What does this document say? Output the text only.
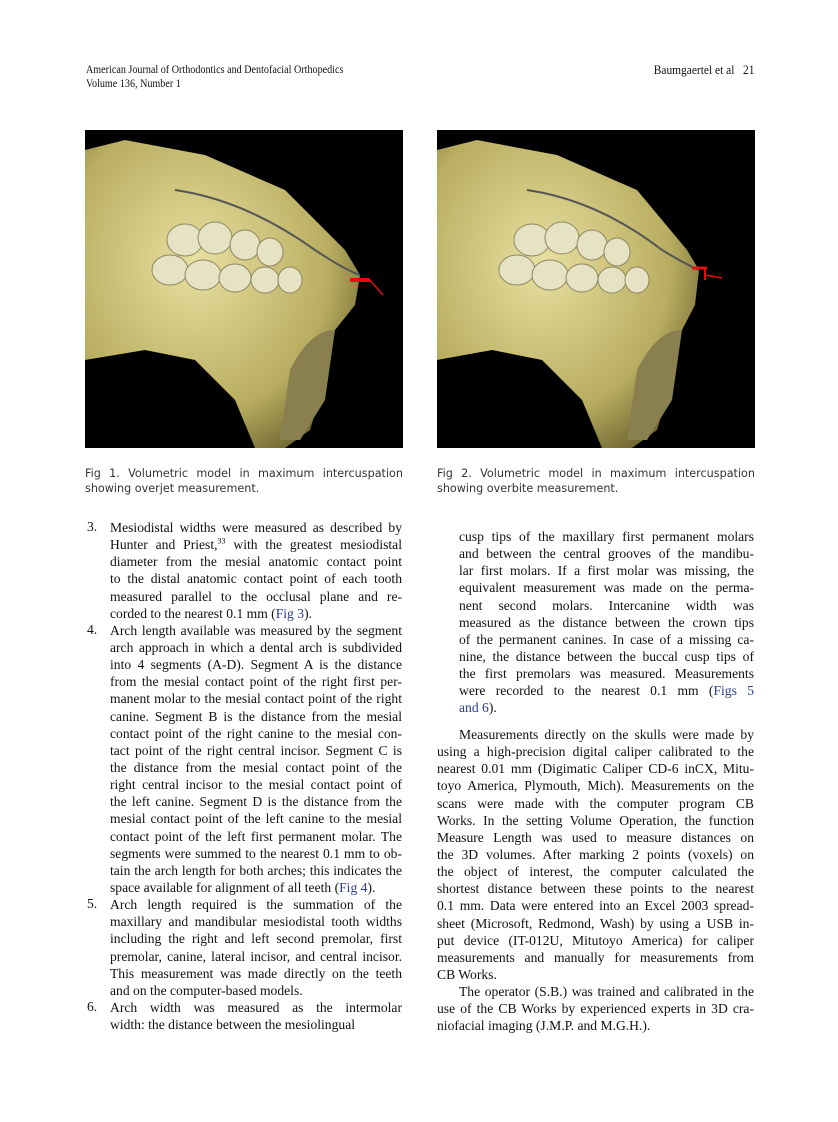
American Journal of Orthodontics and Dentofacial Orthopedics
Volume 136, Number 1
Baumgaertel et al 21
Fig 1. Volumetric model in maximum intercuspation showing overjet measurement.
Fig 2. Volumetric model in maximum intercuspation showing overbite measurement.
3. Mesiodistal widths were measured as described by
Hunter and Priest,$^{33}$ with the greatest mesiodistal
diameter from the mesial anatomic contact point
to the distal anatomic contact point of each tooth
measured parallel to the occlusal plane and re-
corded to the nearest 0.1 mm (Fig 3).
4. Arch length available was measured by the segment
arch approach in which a dental arch is subdivided
into 4 segments (A-D). Segment A is the distance
from the mesial contact point of the right first per-
manent molar to the mesial contact point of the right
canine. Segment B is the distance from the mesial
contact point of the right canine to the mesial con-
tact point of the right central incisor. Segment C is
the distance from the mesial contact point of the
right central incisor to the mesial contact point of
the left canine. Segment D is the distance from the
mesial contact point of the left canine to the mesial
contact point of the left first permanent molar. The
segments were summed to the nearest 0.1 mm to ob-
tain the arch length for both arches; this indicates the
space available for alignment of all teeth (Fig 4).
5. Arch length required is the summation of the
maxillary and mandibular mesiodistal tooth widths
including the right and left second premolar, first
premolar, canine, lateral incisor, and central incisor.
This measurement was made directly on the teeth
and on the computer-based models.
6. Arch width was measured as the intermolar
width: the distance between the mesiolingual
cusp tips of the maxillary first permanent molars
and between the central grooves of the mandibu-
lar first molars. If a first molar was missing, the
equivalent measurement was made on the perma-
nent second molars. Intercanine width was
measured as the distance between the crown tips
of the permanent canines. In case of a missing ca-
nine, the distance between the buccal cusp tips of
the first premolars was measured. Measurements
were recorded to the nearest 0.1 mm (Figs 5
and 6).
Measurements directly on the skulls were made by
using a high-precision digital caliper calibrated to the
nearest 0.01 mm (Digimatic Caliper CD-6 inCX, Mitu-
toyo America, Plymouth, Mich). Measurements on the
scans were made with the computer program CB
Works. In the setting Volume Operation, the function
Measure Length was used to measure distances on
the 3D volumes. After marking 2 points (voxels) on
the object of interest, the computer calculated the
shortest distance between these points to the nearest
0.1 mm. Data were entered into an Excel 2003 spread-
sheet (Microsoft, Redmond, Wash) by using a USB in-
put device (IT-012U, Mitutoyo America) for caliper
measurements and manually for measurements from
CB Works.
The operator (S.B.) was trained and calibrated in the
use of the CB Works by experienced experts in 3D cra-
niofacial imaging (J.M.P. and M.G.H.).
